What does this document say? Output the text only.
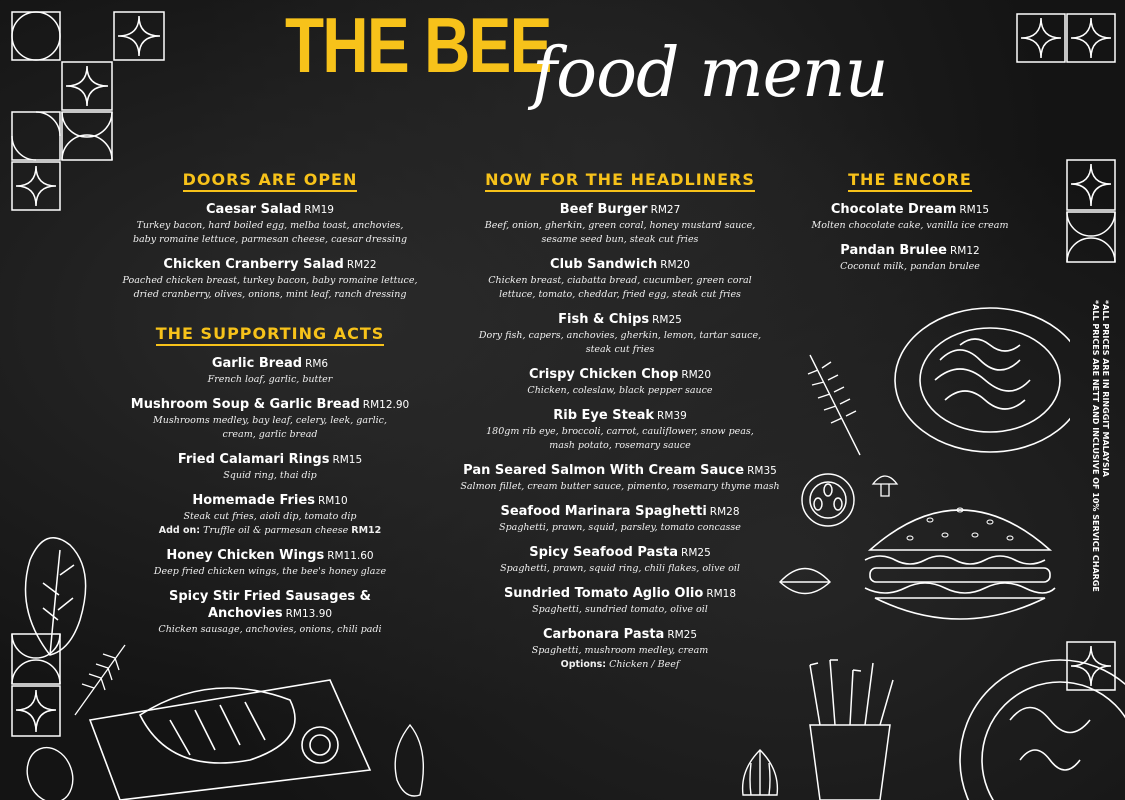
THE BEE
food menu
DOORS ARE OPEN
Caesar Salad RM19
Turkey bacon, hard boiled egg, melba toast, anchovies,
baby romaine lettuce, parmesan cheese, caesar dressing
Chicken Cranberry Salad RM22
Poached chicken breast, turkey bacon, baby romaine lettuce,
dried cranberry, olives, onions, mint leaf, ranch dressing
THE SUPPORTING ACTS
Garlic Bread RM6
French loaf, garlic, butter
Mushroom Soup & Garlic Bread RM12.90
Mushrooms medley, bay leaf, celery, leek, garlic,
cream, garlic bread
Fried Calamari Rings RM15
Squid ring, thai dip
Homemade Fries RM10
Steak cut fries, aioli dip, tomato dip
Add on: Truffle oil & parmesan cheese RM12
Honey Chicken Wings RM11.60
Deep fried chicken wings, the bee's honey glaze
Spicy Stir Fried Sausages & Anchovies RM13.90
Chicken sausage, anchovies, onions, chili padi
NOW FOR THE HEADLINERS
Beef Burger RM27
Beef, onion, gherkin, green coral, honey mustard sauce,
sesame seed bun, steak cut fries
Club Sandwich RM20
Chicken breast, ciabatta bread, cucumber, green coral
lettuce, tomato, cheddar, fried egg, steak cut fries
Fish & Chips RM25
Dory fish, capers, anchovies, gherkin, lemon, tartar sauce,
steak cut fries
Crispy Chicken Chop RM20
Chicken, coleslaw, black pepper sauce
Rib Eye Steak RM39
180gm rib eye, broccoli, carrot, cauliflower, snow peas,
mash potato, rosemary sauce
Pan Seared Salmon With Cream Sauce RM35
Salmon fillet, cream butter sauce, pimento, rosemary thyme mash
Seafood Marinara Spaghetti RM28
Spaghetti, prawn, squid, parsley, tomato concasse
Spicy Seafood Pasta RM25
Spaghetti, prawn, squid ring, chili flakes, olive oil
Sundried Tomato Aglio Olio RM18
Spaghetti, sundried tomato, olive oil
Carbonara Pasta RM25
Spaghetti, mushroom medley, cream
Options: Chicken / Beef
THE ENCORE
Chocolate Dream RM15
Molten chocolate cake, vanilla ice cream
Pandan Brulee RM12
Coconut milk, pandan brulee
*ALL PRICES ARE IN RINGGIT MALAYSIA
*ALL PRICES ARE NETT AND INCLUSIVE OF 10% SERVICE CHARGE
